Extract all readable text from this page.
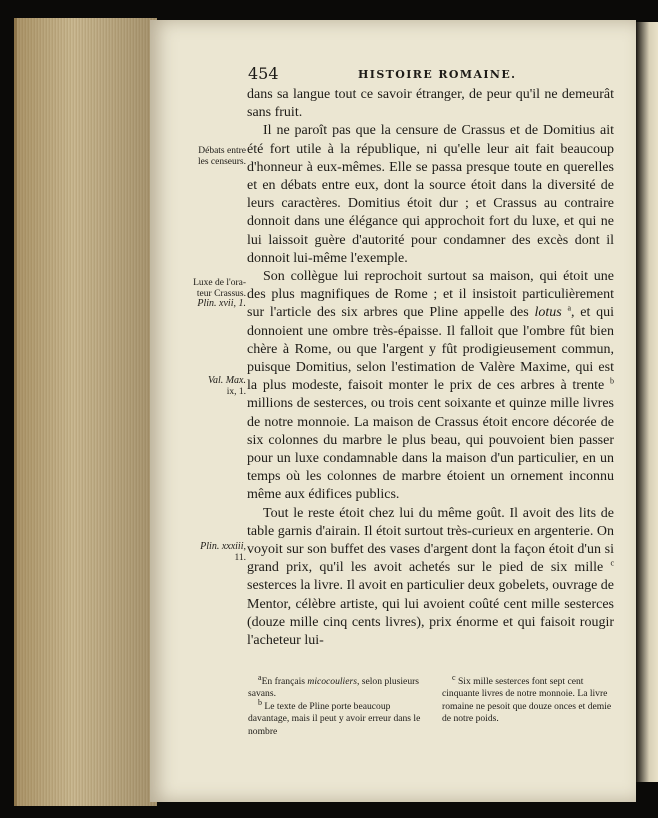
454	HISTOIRE ROMAINE.
Débats entre
les censeurs.
Luxe de l'ora-
teur Crassus.
Plin. xvii, 1.
Val. Max.
ix, 1.
Plin. xxxiii,
11.

dans sa langue tout ce savoir étranger, de peur qu'il ne demeurât sans fruit.

Il ne paroît pas que la censure de Crassus et de Domitius ait été fort utile à la république, ni qu'elle leur ait fait beaucoup d'honneur à eux-mêmes. Elle se passa presque toute en querelles et en débats entre eux, dont la source étoit dans la diversité de leurs caractères. Domitius étoit dur ; et Crassus au contraire donnoit dans une élégance qui approchoit fort du luxe, et qui ne lui laissoit guère d'autorité pour condamner des excès dont il donnoit lui-même l'exemple.

Son collègue lui reprochoit surtout sa maison, qui étoit une des plus magnifiques de Rome ; et il insistoit particulièrement sur l'article des six arbres que Pline appelle des lotus $^a$, et qui donnoient une ombre très-épaisse. Il falloit que l'ombre fût bien chère à Rome, ou que l'argent y fût prodigieusement commun, puisque Domitius, selon l'estimation de Valère Maxime, qui est la plus modeste, faisoit monter le prix de ces arbres à trente $^b$ millions de sesterces, ou trois cent soixante et quinze mille livres de notre monnoie. La maison de Crassus étoit encore décorée de six colonnes du marbre le plus beau, qui pouvoient bien passer pour un luxe condamnable dans la maison d'un particulier, en un temps où les colonnes de marbre étoient un ornement inconnu même aux édifices publics.

Tout le reste étoit chez lui du même goût. Il avoit des lits de table garnis d'airain. Il étoit surtout très-curieux en argenterie. On voyoit sur son buffet des vases d'argent dont la façon étoit d'un si grand prix, qu'il les avoit achetés sur le pied de six mille $^c$ sesterces la livre. Il avoit en particulier deux gobelets, ouvrage de Mentor, célèbre artiste, qui lui avoient coûté cent mille sesterces (douze mille cinq cents livres), prix énorme et qui faisoit rougir l'acheteur lui-

$^a$En français micocouliers, selon plusieurs savans.

$^b$ Le texte de Pline porte beaucoup davantage, mais il peut y avoir erreur dans le nombre

$^c$ Six mille sesterces font sept cent cinquante livres de notre monnoie. La livre romaine ne pesoit que douze onces et demie de notre poids.
